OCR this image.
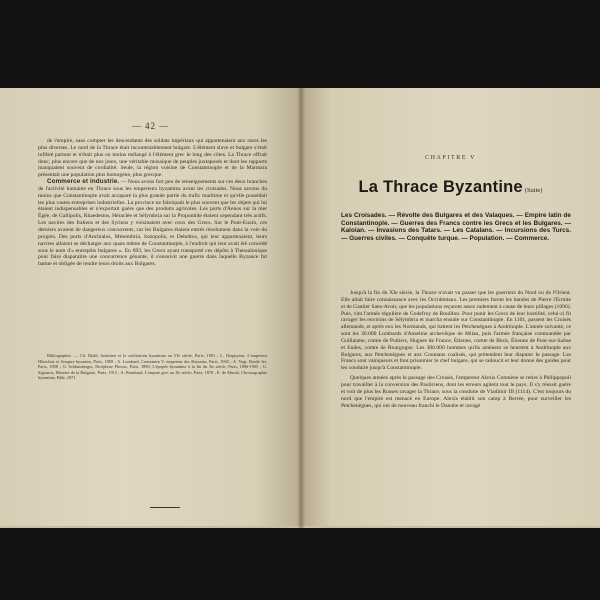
— 42 —

de l'empire, sans compter les descendants des soldats impériaux qui appartenaient aux races les plus diverses. Le nord de la Thrace était incontestablement bulgare. L'élément slave et bulgare s'était infiltré partout et n'était plus ou moins mélangé à l'élément grec le long des côtes. La Thrace offrait donc, plus encore que de nos jours, une véritable mosaïque de peuples juxtaposés et dont les rapports manquaient souvent de cordialité. Seule, la région voisine de Constantinople et de la Marmara présentait une population plus homogène, plus grecque.

Commerce et industrie. — Nous avons fort peu de renseignements sur ces deux branches de l'activité humaine en Thrace sous les empereurs byzantins avant les croisades. Nous savons du moins que Constantinople avait accaparé la plus grande partie du trafic maritime et qu'elle possédait les plus vastes entreprises industrielles. La province ne fabriquait le plus souvent que les objets qui lui étaient indispensables et n'exportait guère que des produits agricoles. Les ports d'Aenos sur la mer Égée, de Gallipolis, Rhaedestos, Héraclée et Sélymbria sur la Propontide étaient cependant très actifs. Les navires des Italiens et des Syriens y voisinaient avec ceux des Grecs. Sur le Pont-Euxin, ces derniers avaient de dangereux concurrents, car les Bulgares étaient entrés résolument dans la voie du progrès. Des ports d'Anchialos, Mésembria, Sozopolis, et Debeltos, qui leur appartenaient, leurs navires allaient se décharger aux quais même de Constantinople, à l'endroit qui leur avait été concédé sous le nom d'« entrepôts bulgares ». En 893, les Grecs ayant transporté ces dépôts à Thessalonique pour faire disparaître une concurrence gênante, il s'ensuivit une guerre dans laquelle Byzance fut battue et obligée de rendre leurs droits aux Bulgares.

Bibliographie. — Ch. Diehl, Justinien et la civilisation byzantine au VIe siècle, Paris, 1901 ; L. Drapeyron, L'empereur Héraclius et l'empire byzantin, Paris, 1869 ; A. Lombard, Constantin V, empereur des Romains, Paris, 1902 ; A. Vogt, Basile Ier, Paris, 1908 ; G. Schlumberger, Nicéphore Phocas, Paris, 1890, L'épopée byzantine à la fin du Xe siècle, Paris, 1896-1905 ; G. Sigouros, Histoire de la Bulgarie, Paris, 1913 ; A. Rambaud, L'empire grec au Xe siècle, Paris, 1870 ; E. de Muralt, Chronographie byzantine, Bâle, 1871.

CHAPITRE V
La Thrace Byzantine (Suite)
Les Croisades. — Révolte des Bulgares et des Valaques. — Empire latin de Constantinople. — Guerres des Francs contre les Grecs et les Bulgares. — Kaloian. — Invasions des Tatars. — Les Catalans. — Incursions des Turcs. — Guerres civiles. — Conquête turque. — Population. — Commerce.

Jusqu'à la fin du XIe siècle, la Thrace n'avait vu passer que les guerriers du Nord ou de l'Orient. Elle allait faire connaissance avec les Occidentaux. Les premiers furent les bandes de Pierre l'Ermite et de Gautier Sans-Avoir, que les populations reçurent assez rudement à cause de leurs pillages (1096). Puis, vint l'armée régulière de Godefroy de Bouillon. Pour punir les Grecs de leur hostilité, celui-ci fit ravager les environs de Sélymbria et marcha ensuite sur Constantinople. En 1101, passent les Croisés allemands, et après eux les Normands, qui battent les Petchenègues à Andrinople. L'année suivante, ce sont les 30.000 Lombards d'Anselme archevêque de Milan, puis l'armée française commandée par Guillaume, comte de Poitiers, Hugues de France, Étienne, comte de Blois, Étienne de Pont-sur-Saône et Eudes, comte de Bourgogne. Les 300.000 hommes qu'ils amènent se heurtent à Andrinople aux Bulgares, aux Petchenègues et aux Coumans coalisés, qui prétendent leur disputer le passage. Les Francs sont vainqueurs et font prisonnier le chef bulgare, qui se radoucit et leur donne des guides pour les conduire jusqu'à Constantinople.

Quelques années après le passage des Croisés, l'empereur Alexis Comnène se retire à Philippopoli pour travailler à la conversion des Pauliciens, dont les erreurs agitent tout le pays. Il s'y réussit guère et voit de plus les Russes ravager la Thrace, sous la conduite de Vladimir III (1114). C'est toujours du nord que l'empire est menacé en Europe. Alexis établit son camp à Berrée, pour surveiller les Petchenègues, qui ont de nouveau franchi le Danube et ravagé
